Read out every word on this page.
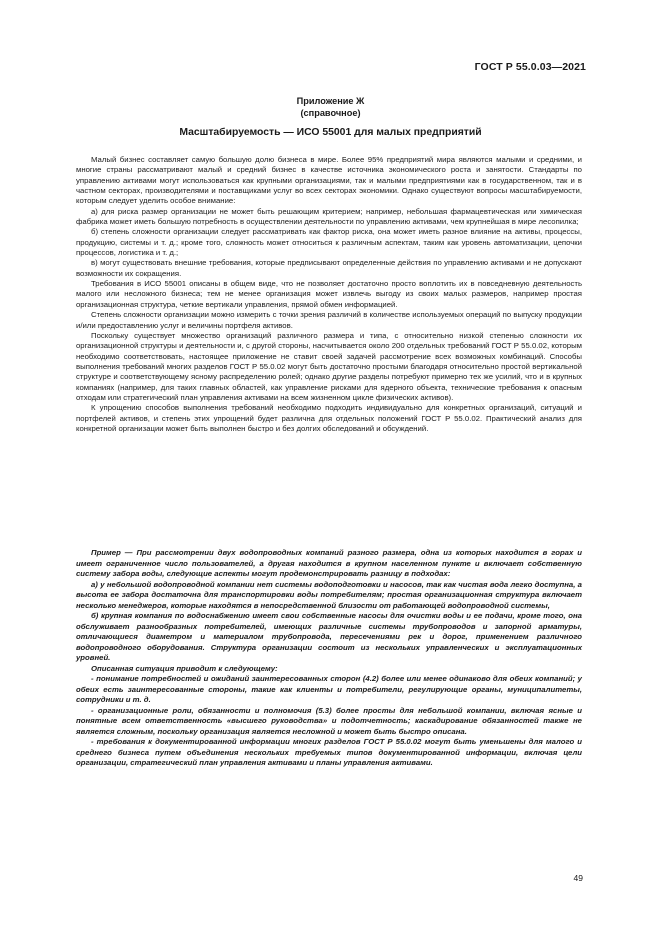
ГОСТ Р 55.0.03—2021
Приложение Ж
(справочное)
Масштабируемость — ИСО 55001 для малых предприятий

Малый бизнес составляет самую большую долю бизнеса в мире. Более 95% предприятий мира являются малыми и средними, и многие страны рассматривают малый и средний бизнес в качестве источника экономического роста и занятости. Стандарты по управлению активами могут использоваться как крупными организациями, так и малыми предприятиями как в государственном, так и в частном секторах, производителями и поставщиками услуг во всех секторах экономики. Однако существуют вопросы масштабируемости, которым следует уделить особое внимание:

а) для риска размер организации не может быть решающим критерием; например, небольшая фармацевтическая или химическая фабрика может иметь большую потребность в осуществлении деятельности по управлению активами, чем крупнейшая в мире лесопилка;

б) степень сложности организации следует рассматривать как фактор риска, она может иметь разное влияние на активы, процессы, продукцию, системы и т. д.; кроме того, сложность может относиться к различным аспектам, таким как уровень автоматизации, цепочки процессов, логистика и т. д.;

в) могут существовать внешние требования, которые предписывают определенные действия по управлению активами и не допускают возможности их сокращения.

Требования в ИСО 55001 описаны в общем виде, что не позволяет достаточно просто воплотить их в повседневную деятельность малого или несложного бизнеса; тем не менее организация может извлечь выгоду из своих малых размеров, например простая организационная структура, четкие вертикали управления, прямой обмен информацией.

Степень сложности организации можно измерить с точки зрения различий в количестве используемых операций по выпуску продукции и/или предоставлению услуг и величины портфеля активов.

Поскольку существует множество организаций различного размера и типа, с относительно низкой степенью сложности их организационной структуры и деятельности и, с другой стороны, насчитывается около 200 отдельных требований ГОСТ Р 55.0.02, которым необходимо соответствовать, настоящее приложение не ставит своей задачей рассмотрение всех возможных комбинаций. Способы выполнения требований многих разделов ГОСТ Р 55.0.02 могут быть достаточно простыми благодаря относительно простой вертикальной структуре и соответствующему ясному распределению ролей; однако другие разделы потребуют примерно тех же усилий, что и в крупных компаниях (например, для таких главных областей, как управление рисками для ядерного объекта, технические требования к опасным отходам или стратегический план управления активами на всем жизненном цикле физических активов).

К упрощению способов выполнения требований необходимо подходить индивидуально для конкретных организаций, ситуаций и портфелей активов, и степень этих упрощений будет различна для отдельных положений ГОСТ Р 55.0.02. Практический анализ для конкретной организации может быть выполнен быстро и без долгих обследований и обсуждений.

Пример — При рассмотрении двух водопроводных компаний разного размера, одна из которых находится в горах и имеет ограниченное число пользователей, а другая находится в крупном населенном пункте и включает собственную систему забора воды, следующие аспекты могут продемонстрировать разницу в подходах:

а) у небольшой водопроводной компании нет системы водоподготовки и насосов, так как чистая вода легко доступна, а высота ее забора достаточна для транспортировки воды потребителям; простая организационная структура включает несколько менеджеров, которые находятся в непосредственной близости от работающей водопроводной системы,

б) крупная компания по водоснабжению имеет свои собственные насосы для очистки воды и ее подачи, кроме того, она обслуживает разнообразных потребителей, имеющих различные системы трубопроводов и запорной арматуры, отличающиеся диаметром и материалом трубопровода, пересечениями рек и дорог, применением различного водопроводного оборудования. Структура организации состоит из нескольких управленческих и эксплуатационных уровней.

Описанная ситуация приводит к следующему:

- понимание потребностей и ожиданий заинтересованных сторон (4.2) более или менее одинаково для обеих компаний; у обеих есть заинтересованные стороны, такие как клиенты и потребители, регулирующие органы, муниципалитеты, сотрудники и т. д.

- организационные роли, обязанности и полномочия (5.3) более просты для небольшой компании, включая ясные и понятные всем ответственность «высшего руководства» и подотчетность; каскадирование обязанностей также не является сложным, поскольку организация является несложной и может быть быстро описана.

- требования к документированной информации многих разделов ГОСТ Р 55.0.02 могут быть уменьшены для малого и среднего бизнеса путем объединения нескольких требуемых типов документированной информации, включая цели организации, стратегический план управления активами и планы управления активами.

49
